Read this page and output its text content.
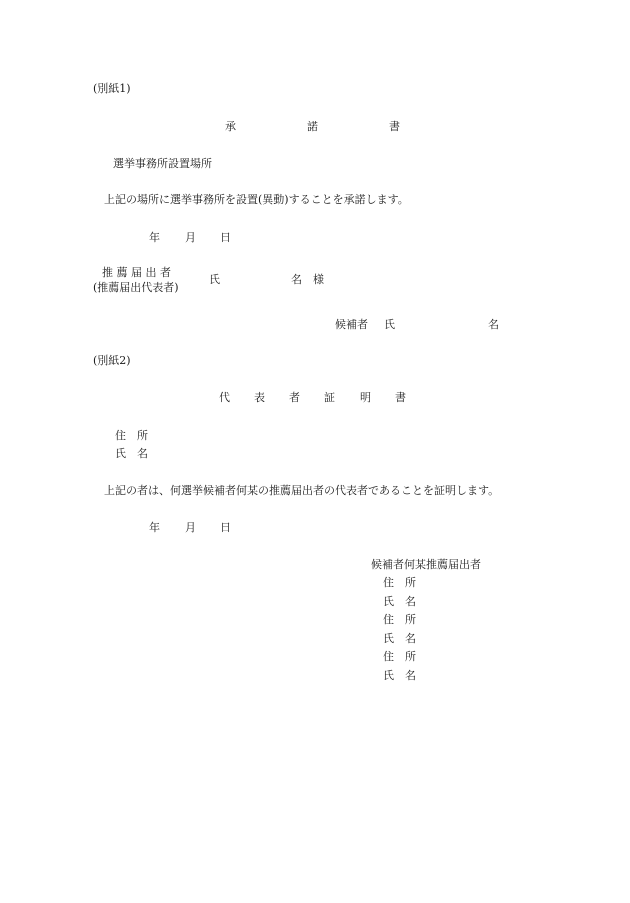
(別紙1)
承	諾	書
選挙事務所設置場所
上記の場所に選挙事務所を設置(異動)することを承諾します。
年 月 日
推 薦 届 出 者
(推薦届出代表者)
氏	名 様
候補者 氏	名
(別紙2)
代 表 者 証 明 書
住　所
氏　名
上記の者は、何選挙候補者何某の推薦届出者の代表者であることを証明します。
年 月 日
候補者何某推薦届出者
住　所
氏　名
住　所
氏　名
住　所
氏　名
